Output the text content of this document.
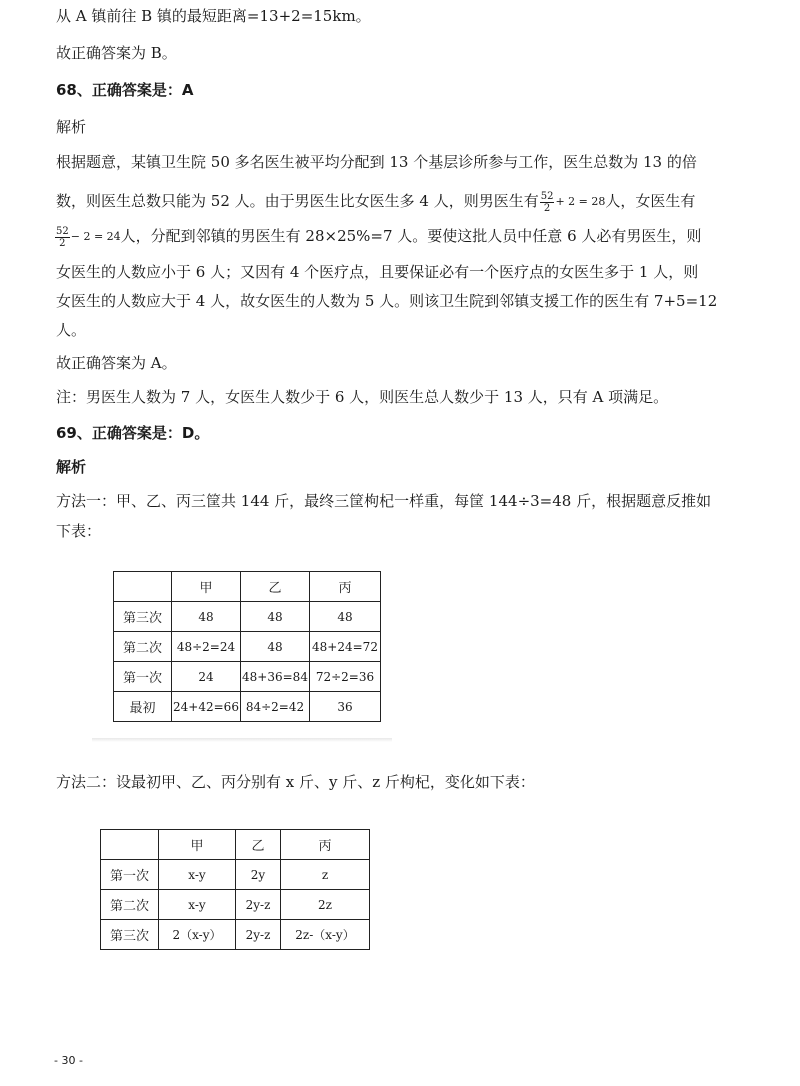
从 A 镇前往 B 镇的最短距离=13+2=15km。
故正确答案为 B。
68、正确答案是：A
解析
根据题意，某镇卫生院 50 多名医生被平均分配到 13 个基层诊所参与工作，医生总数为 13 的倍
数，则医生总数只能为 52 人。由于男医生比女医生多 4 人，则男医生有 $\frac{52}{2} + 2 = 28$人，女医生有
$\frac{52}{2} - 2 = 24$人，分配到邻镇的男医生有 28×25%=7 人。要使这批人员中任意 6 人必有男医生，则
女医生的人数应小于 6 人；又因有 4 个医疗点，且要保证必有一个医疗点的女医生多于 1 人，则
女医生的人数应大于 4 人，故女医生的人数为 5 人。则该卫生院到邻镇支援工作的医生有 7+5=12
人。
故正确答案为 A。
注：男医生人数为 7 人，女医生人数少于 6 人，则医生总人数少于 13 人，只有 A 项满足。
69、正确答案是：D。
解析
方法一：甲、乙、丙三筐共 144 斤，最终三筐枸杞一样重，每筐 144÷3=48 斤，根据题意反推如
下表：
	甲	乙	丙
第三次	48	48	48
第二次	48÷2=24	48	48+24=72
第一次	24	48+36=84	72÷2=36
最初	24+42=66	84÷2=42	36
方法二：设最初甲、乙、丙分别有 x 斤、y 斤、z 斤枸杞，变化如下表：
	甲	乙	丙
第一次	x-y	2y	z
第二次	x-y	2y-z	2z
第三次	2（x-y）	2y-z	2z-（x-y）
- 30 -
